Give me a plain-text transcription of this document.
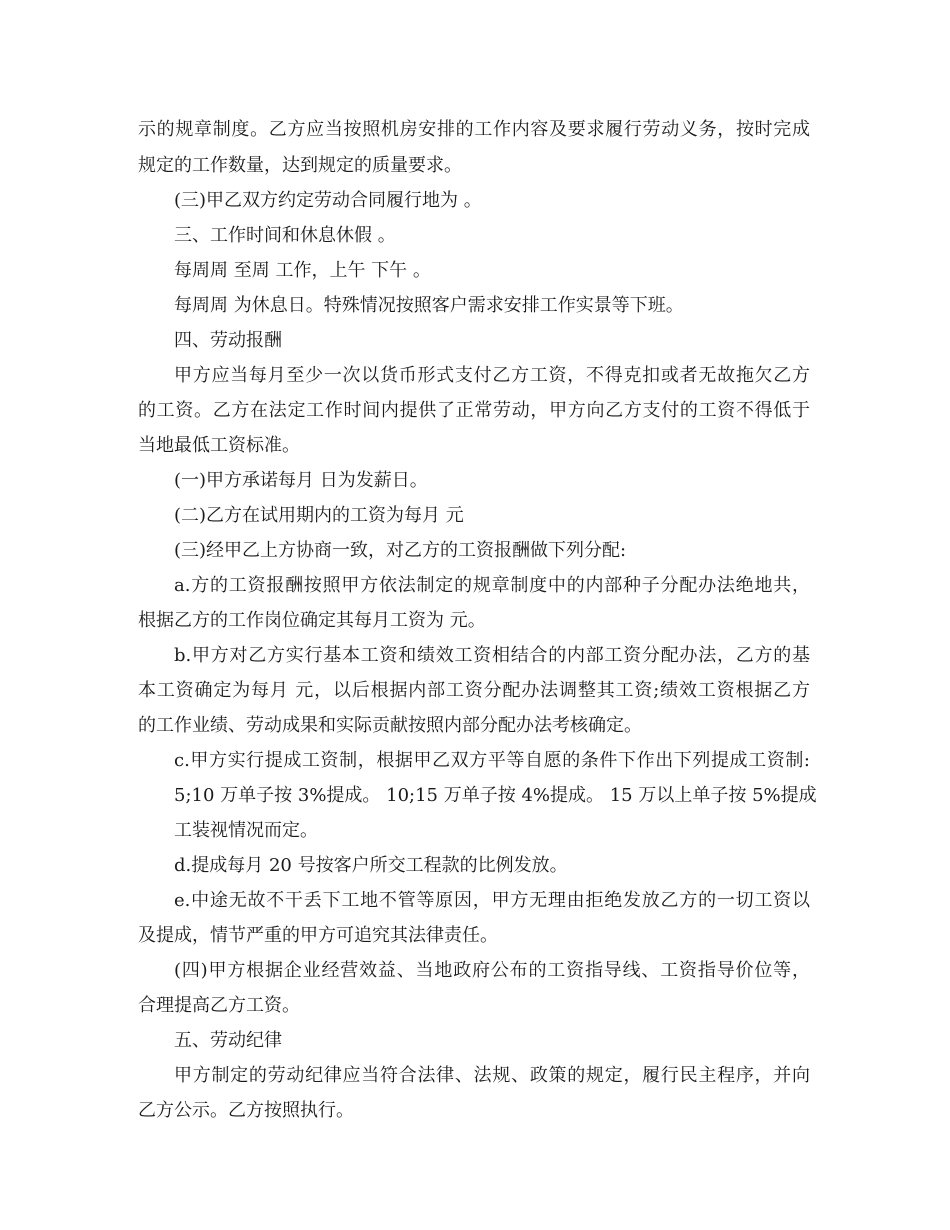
示的规章制度。乙方应当按照机房安排的工作内容及要求履行劳动义务，按时完成
规定的工作数量，达到规定的质量要求。
(三)甲乙双方约定劳动合同履行地为 。
三、工作时间和休息休假 。
每周周 至周 工作，上午 下午 。
每周周 为休息日。特殊情况按照客户需求安排工作实景等下班。
四、劳动报酬
甲方应当每月至少一次以货币形式支付乙方工资，不得克扣或者无故拖欠乙方
的工资。乙方在法定工作时间内提供了正常劳动，甲方向乙方支付的工资不得低于
当地最低工资标准。
(一)甲方承诺每月 日为发薪日。
(二)乙方在试用期内的工资为每月 元
(三)经甲乙上方协商一致，对乙方的工资报酬做下列分配:
a.方的工资报酬按照甲方依法制定的规章制度中的内部种子分配办法绝地共，
根据乙方的工作岗位确定其每月工资为 元。
b.甲方对乙方实行基本工资和绩效工资相结合的内部工资分配办法，乙方的基
本工资确定为每月 元，以后根据内部工资分配办法调整其工资;绩效工资根据乙方
的工作业绩、劳动成果和实际贡献按照内部分配办法考核确定。
c.甲方实行提成工资制，根据甲乙双方平等自愿的条件下作出下列提成工资制:
5;10 万单子按 3%提成。 10;15 万单子按 4%提成。 15 万以上单子按 5%提成
工装视情况而定。
d.提成每月 20 号按客户所交工程款的比例发放。
e.中途无故不干丢下工地不管等原因，甲方无理由拒绝发放乙方的一切工资以
及提成，情节严重的甲方可追究其法律责任。
(四)甲方根据企业经营效益、当地政府公布的工资指导线、工资指导价位等，
合理提高乙方工资。
五、劳动纪律
甲方制定的劳动纪律应当符合法律、法规、政策的规定，履行民主程序，并向
乙方公示。乙方按照执行。
